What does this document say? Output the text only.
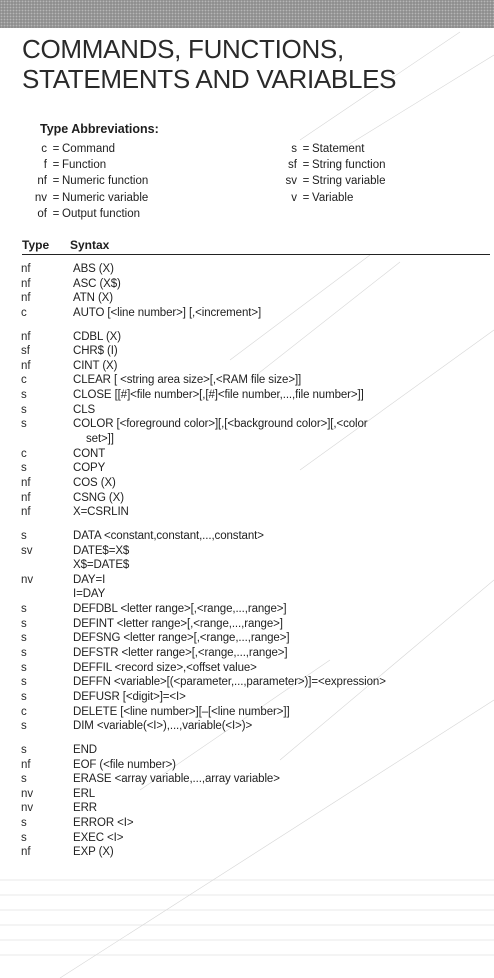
COMMANDS, FUNCTIONS,
STATEMENTS AND VARIABLES
Type Abbreviations:
c = Command
f = Function
nf = Numeric function
nv = Numeric variable
of = Output function
s = Statement
sf = String function
sv = String variable
v = Variable
Type Syntax
nf	ABS (X)
nf	ASC (X$)
nf	ATN (X)
c	AUTO [<line number>] [,<increment>]
nf	CDBL (X)
sf	CHR$ (I)
nf	CINT (X)
c	CLEAR [ <string area size>[,<RAM file size>]]
s	CLOSE [[#]<file number>[,[#]<file number,...,file number>]]
s	CLS
s	COLOR [<foreground color>][,[<background color>][,<color
set>]]
c	CONT
s	COPY
nf	COS (X)
nf	CSNG (X)
nf	X=CSRLIN
s	DATA <constant,constant,...,constant>
sv	DATE$=X$
X$=DATE$
nv	DAY=I
I=DAY
s	DEFDBL <letter range>[,<range,...,range>]
s	DEFINT <letter range>[,<range,...,range>]
s	DEFSNG <letter range>[,<range,...,range>]
s	DEFSTR <letter range>[,<range,...,range>]
s	DEFFIL <record size>,<offset value>
s	DEFFN <variable>[(<parameter,...,parameter>)]=<expression>
s	DEFUSR [<digit>]=<I>
c	DELETE [<line number>][–[<line number>]]
s	DIM <variable(<I>),...,variable(<I>)>
s	END
nf	EOF (<file number>)
s	ERASE <array variable,...,array variable>
nv	ERL
nv	ERR
s	ERROR <I>
s	EXEC <I>
nf	EXP (X)
